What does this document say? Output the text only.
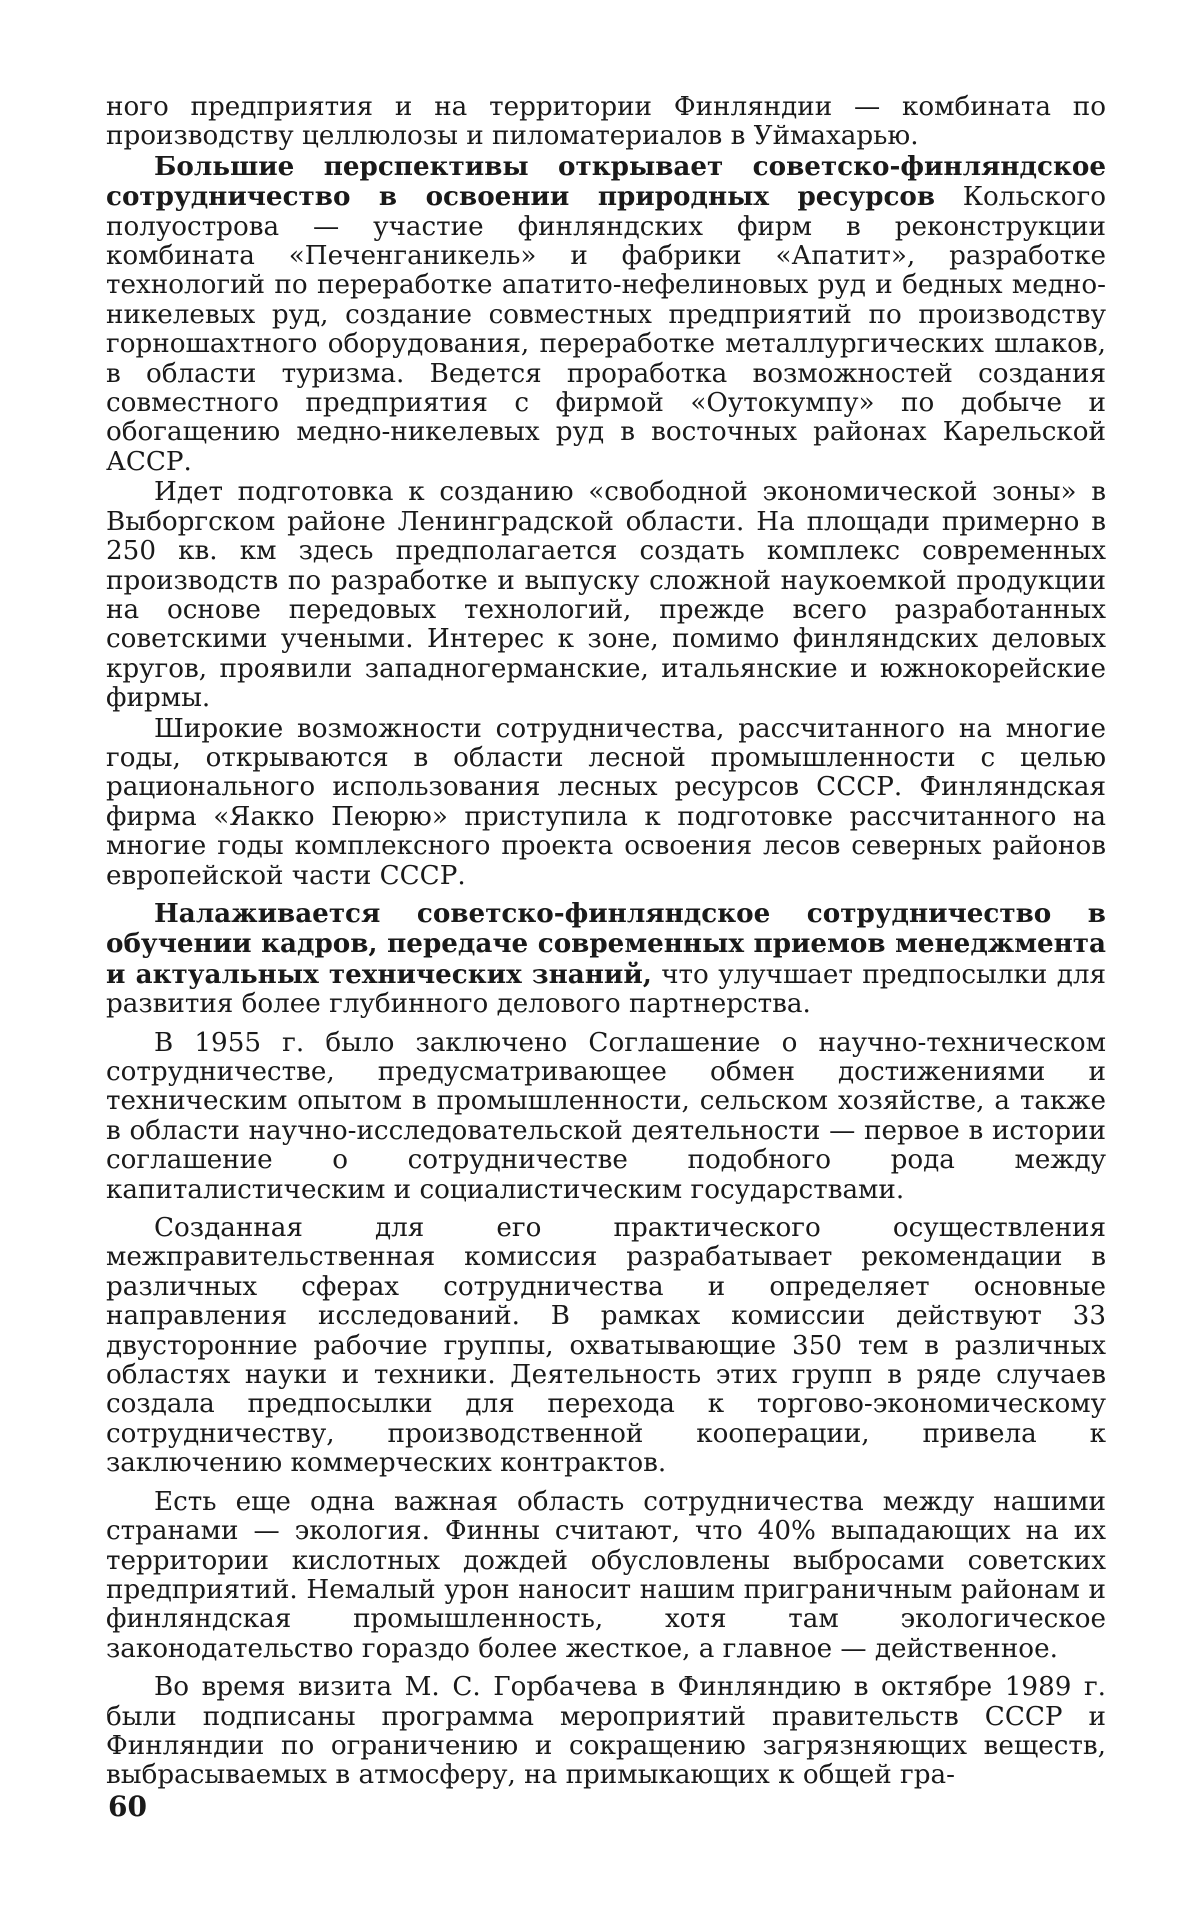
ного предприятия и на территории Финляндии — комбината по производству целлюлозы и пиломатериалов в Уймахарью.

Большие перспективы открывает советско-финляндское сотрудничество в освоении природных ресурсов Кольского полуострова — участие финляндских фирм в реконструкции комбината «Печенганикель» и фабрики «Апатит», разработке технологий по переработке апатито-нефелиновых руд и бедных медно-никелевых руд, создание совместных предприятий по производству горношахтного оборудования, переработке металлургических шлаков, в области туризма. Ведется проработка возможностей создания совместного предприятия с фирмой «Оутокумпу» по добыче и обогащению медно-никелевых руд в восточных районах Карельской АССР.

Идет подготовка к созданию «свободной экономической зоны» в Выборгском районе Ленинградской области. На площади примерно в 250 кв. км здесь предполагается создать комплекс современных производств по разработке и выпуску сложной наукоемкой продукции на основе передовых технологий, прежде всего разработанных советскими учеными. Интерес к зоне, помимо финляндских деловых кругов, проявили западногерманские, итальянские и южнокорейские фирмы.

Широкие возможности сотрудничества, рассчитанного на многие годы, открываются в области лесной промышленности с целью рационального использования лесных ресурсов СССР. Финляндская фирма «Яакко Пеюрю» приступила к подготовке рассчитанного на многие годы комплексного проекта освоения лесов северных районов европейской части СССР.

Налаживается советско-финляндское сотрудничество в обучении кадров, передаче современных приемов менеджмента и актуальных технических знаний, что улучшает предпосылки для развития более глубинного делового партнерства.

В 1955 г. было заключено Соглашение о научно-техническом сотрудничестве, предусматривающее обмен достижениями и техническим опытом в промышленности, сельском хозяйстве, а также в области научно-исследовательской деятельности — первое в истории соглашение о сотрудничестве подобного рода между капиталистическим и социалистическим государствами.

Созданная для его практического осуществления межправительственная комиссия разрабатывает рекомендации в различных сферах сотрудничества и определяет основные направления исследований. В рамках комиссии действуют 33 двусторонние рабочие группы, охватывающие 350 тем в различных областях науки и техники. Деятельность этих групп в ряде случаев создала предпосылки для перехода к торгово-экономическому сотрудничеству, производственной кооперации, привела к заключению коммерческих контрактов.

Есть еще одна важная область сотрудничества между нашими странами — экология. Финны считают, что 40% выпадающих на их территории кислотных дождей обусловлены выбросами советских предприятий. Немалый урон наносит нашим приграничным районам и финляндская промышленность, хотя там экологическое законодательство гораздо более жесткое, а главное — действенное.

Во время визита М. С. Горбачева в Финляндию в октябре 1989 г. были подписаны программа мероприятий правительств СССР и Финляндии по ограничению и сокращению загрязняющих веществ, выбрасываемых в атмосферу, на примыкающих к общей гра-

60
